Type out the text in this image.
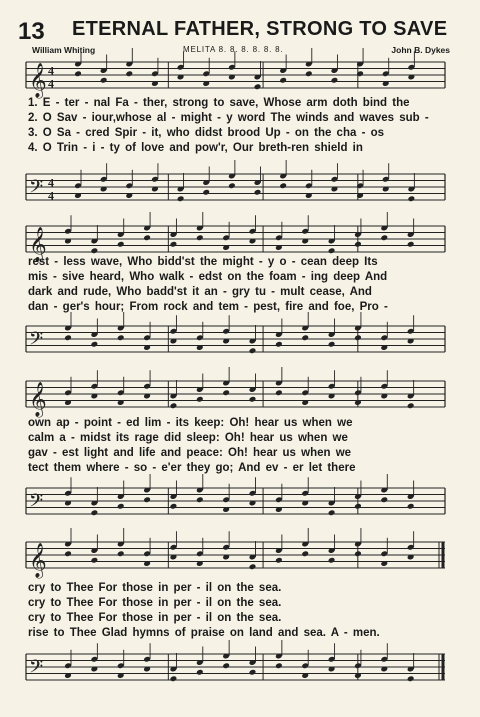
13 ETERNAL FATHER, STRONG TO SAVE
William Whiting	MELITA 8. 8. 8. 8. 8. 8.	John B. Dykes
𝄞 4
4
1. E - ter - nal Fa - ther, strong to save, Whose arm doth bind the
2. O Sav - iour,whose al - might - y word The winds and waves sub -
3. O Sa - cred Spir - it, who didst brood Up - on the cha - os
4. O Trin - i - ty of love and pow'r, Our breth-ren shield in
𝄢 4
4
𝄞
rest - less wave, Who bidd'st the might - y o - cean deep Its
mis - sive heard, Who walk - edst on the foam - ing deep And
dark and rude, Who badd'st it an - gry tu - mult cease, And
dan - ger's hour; From rock and tem - pest, fire and foe, Pro -
𝄢
𝄞
own ap - point - ed lim - its keep: Oh! hear us when we
calm a - midst its rage did sleep: Oh! hear us when we
gav - est light and life and peace: Oh! hear us when we
tect them where - so - e'er they go; And ev - er let there
𝄢
𝄞
cry to Thee For those in per - il on the sea.
cry to Thee For those in per - il on the sea.
cry to Thee For those in per - il on the sea.
rise to Thee Glad hymns of praise on land and sea. A - men.
𝄢
